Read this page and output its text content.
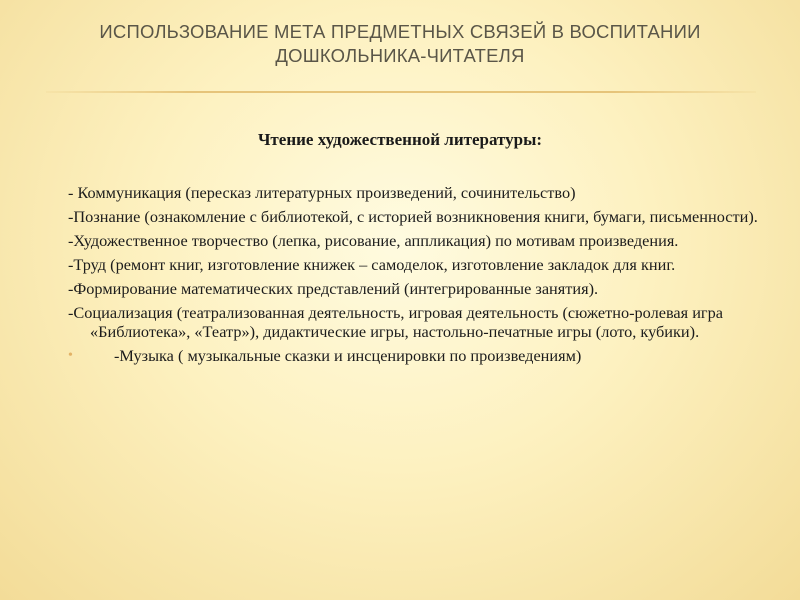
ИСПОЛЬЗОВАНИЕ МЕТА ПРЕДМЕТНЫХ СВЯЗЕЙ В ВОСПИТАНИИ
ДОШКОЛЬНИКА-ЧИТАТЕЛЯ
Чтение художественной литературы:
- Коммуникация (пересказ литературных произведений, сочинительство)
-Познание (ознакомление с библиотекой, с историей возникновения книги, бумаги, письменности).
-Художественное творчество (лепка, рисование, аппликация) по мотивам произведения.
-Труд (ремонт книг, изготовление книжек – самоделок, изготовление закладок для книг.
-Формирование математических представлений (интегрированные занятия).
-Социализация (театрализованная деятельность, игровая деятельность (сюжетно-ролевая игра «Библиотека», «Театр»), дидактические игры, настольно-печатные игры (лото, кубики).
•	-Музыка ( музыкальные сказки и инсценировки по произведениям)
